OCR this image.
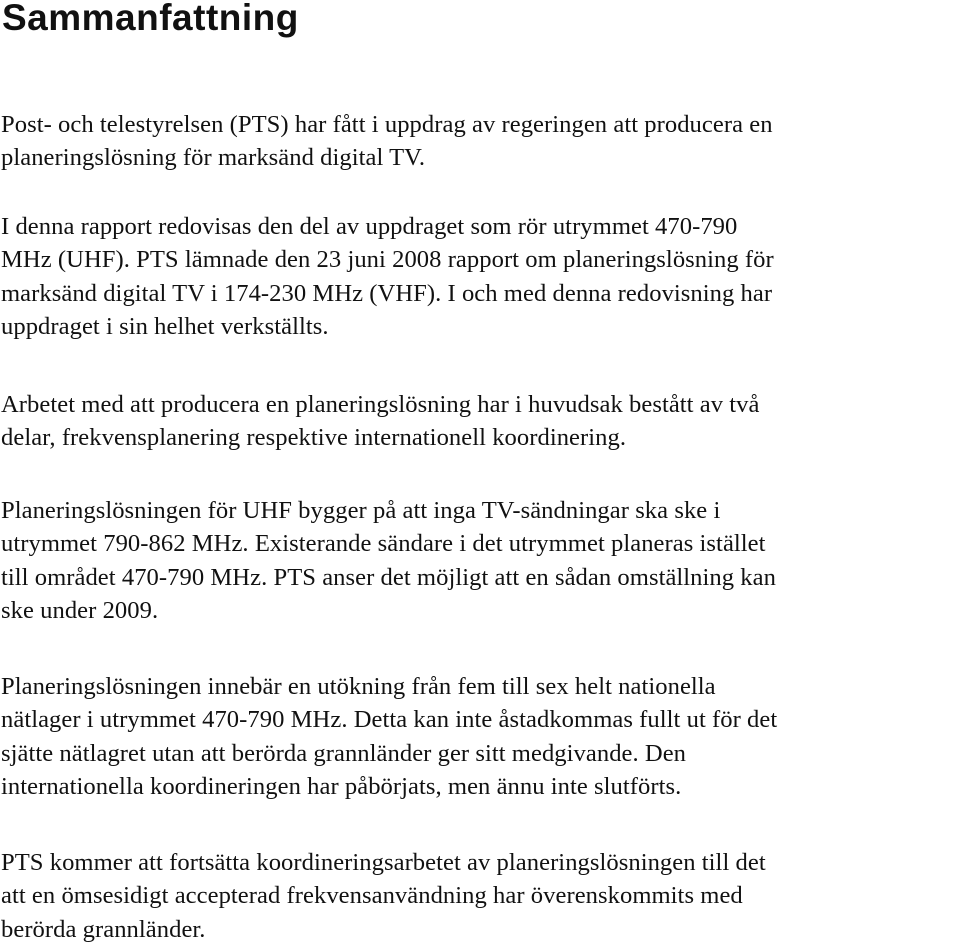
Sammanfattning

Post- och telestyrelsen (PTS) har fått i uppdrag av regeringen att producera en
planeringslösning för marksänd digital TV.

I denna rapport redovisas den del av uppdraget som rör utrymmet 470-790
MHz (UHF). PTS lämnade den 23 juni 2008 rapport om planeringslösning för
marksänd digital TV i 174-230 MHz (VHF). I och med denna redovisning har
uppdraget i sin helhet verkställts.

Arbetet med att producera en planeringslösning har i huvudsak bestått av två
delar, frekvensplanering respektive internationell koordinering.

Planeringslösningen för UHF bygger på att inga TV-sändningar ska ske i
utrymmet 790-862 MHz. Existerande sändare i det utrymmet planeras istället
till området 470-790 MHz. PTS anser det möjligt att en sådan omställning kan
ske under 2009.

Planeringslösningen innebär en utökning från fem till sex helt nationella
nätlager i utrymmet 470-790 MHz. Detta kan inte åstadkommas fullt ut för det
sjätte nätlagret utan att berörda grannländer ger sitt medgivande. Den
internationella koordineringen har påbörjats, men ännu inte slutförts.

PTS kommer att fortsätta koordineringsarbetet av planeringslösningen till det
att en ömsesidigt accepterad frekvensanvändning har överenskommits med
berörda grannländer.
